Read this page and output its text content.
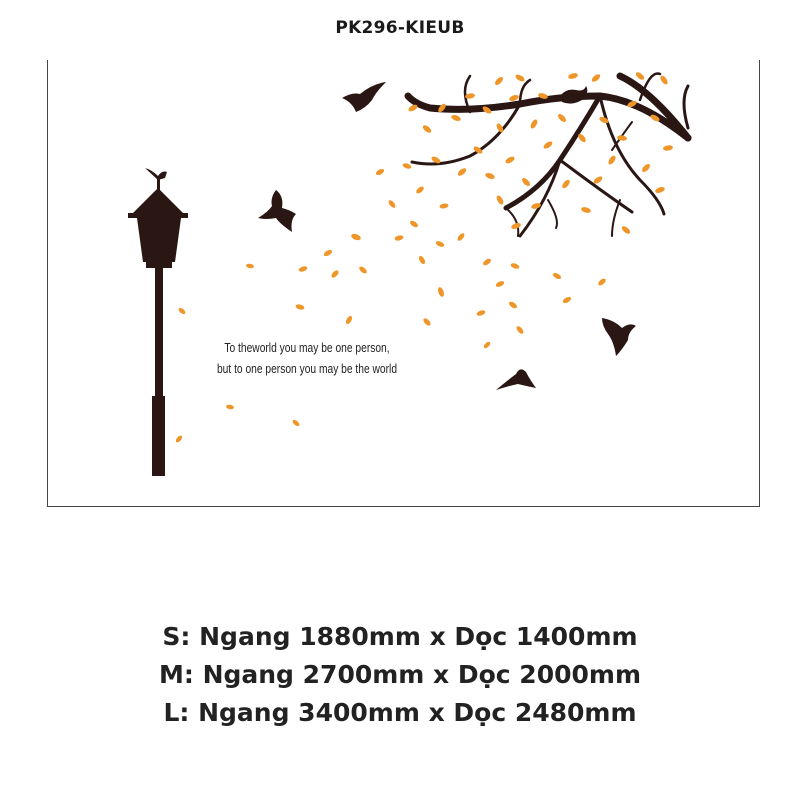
PK296-KIEUB
To theworld you may be one person,
but to one person you may be the world
S: Ngang 1880mm x Dọc 1400mm
M: Ngang 2700mm x Dọc 2000mm
L: Ngang 3400mm x Dọc 2480mm
